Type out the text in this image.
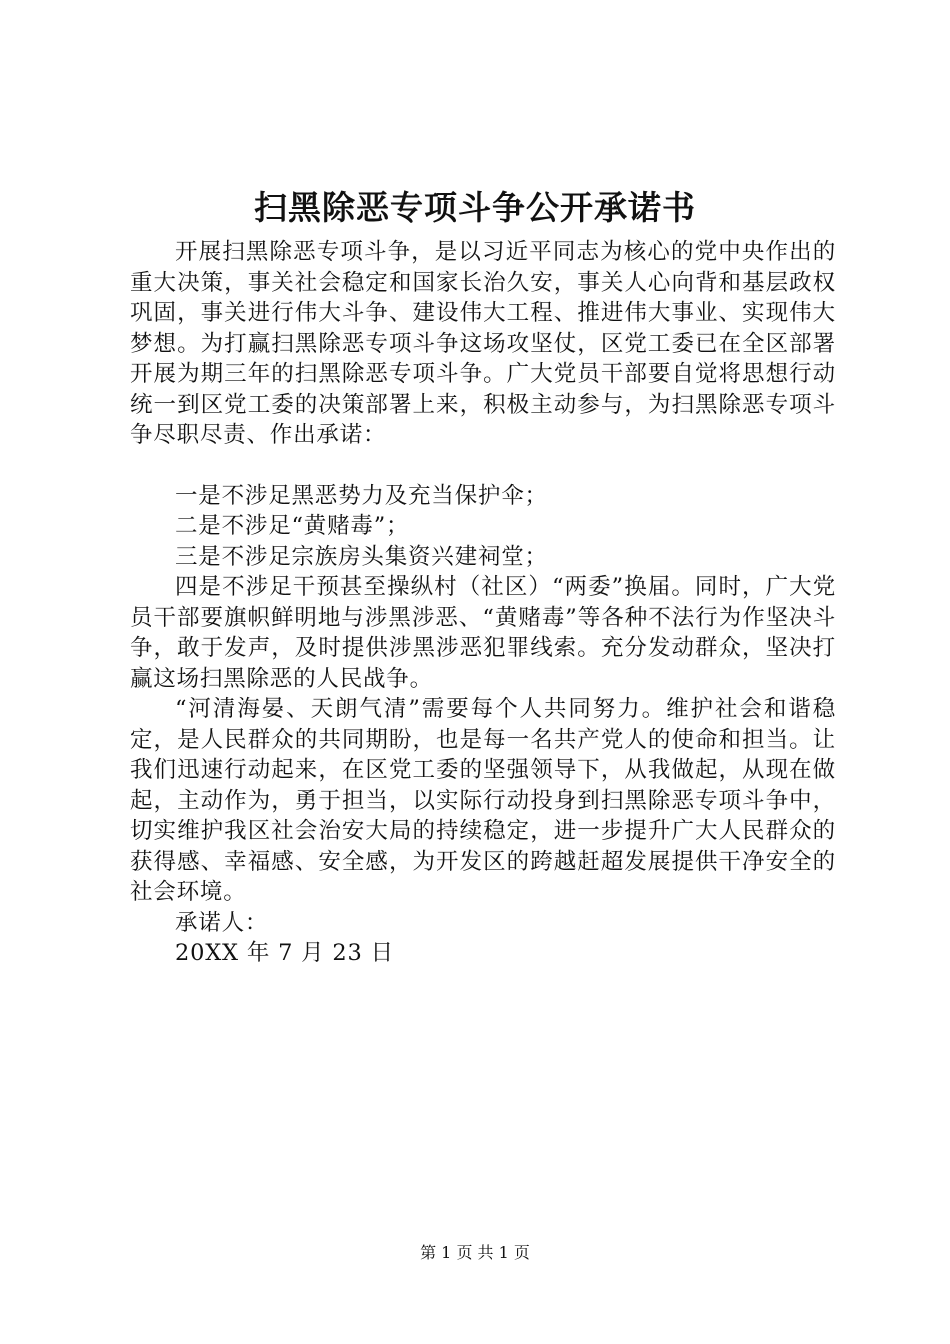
扫黑除恶专项斗争公开承诺书

开展扫黑除恶专项斗争，是以习近平同志为核心的党中央作出的重大决策，事关社会稳定和国家长治久安，事关人心向背和基层政权巩固，事关进行伟大斗争、建设伟大工程、推进伟大事业、实现伟大梦想。为打赢扫黑除恶专项斗争这场攻坚仗，区党工委已在全区部署开展为期三年的扫黑除恶专项斗争。广大党员干部要自觉将思想行动统一到区党工委的决策部署上来，积极主动参与，为扫黑除恶专项斗争尽职尽责、作出承诺：

一是不涉足黑恶势力及充当保护伞；

二是不涉足“黄赌毒”；

三是不涉足宗族房头集资兴建祠堂；

四是不涉足干预甚至操纵村（社区）“两委”换届。同时，广大党员干部要旗帜鲜明地与涉黑涉恶、“黄赌毒”等各种不法行为作坚决斗争，敢于发声，及时提供涉黑涉恶犯罪线索。充分发动群众，坚决打赢这场扫黑除恶的人民战争。

“河清海晏、天朗气清”需要每个人共同努力。维护社会和谐稳定，是人民群众的共同期盼，也是每一名共产党人的使命和担当。让我们迅速行动起来，在区党工委的坚强领导下，从我做起，从现在做起，主动作为，勇于担当，以实际行动投身到扫黑除恶专项斗争中，切实维护我区社会治安大局的持续稳定，进一步提升广大人民群众的获得感、幸福感、安全感，为开发区的跨越赶超发展提供干净安全的社会环境。

承诺人：

20XX 年 7 月 23 日

第 1 页 共 1 页
